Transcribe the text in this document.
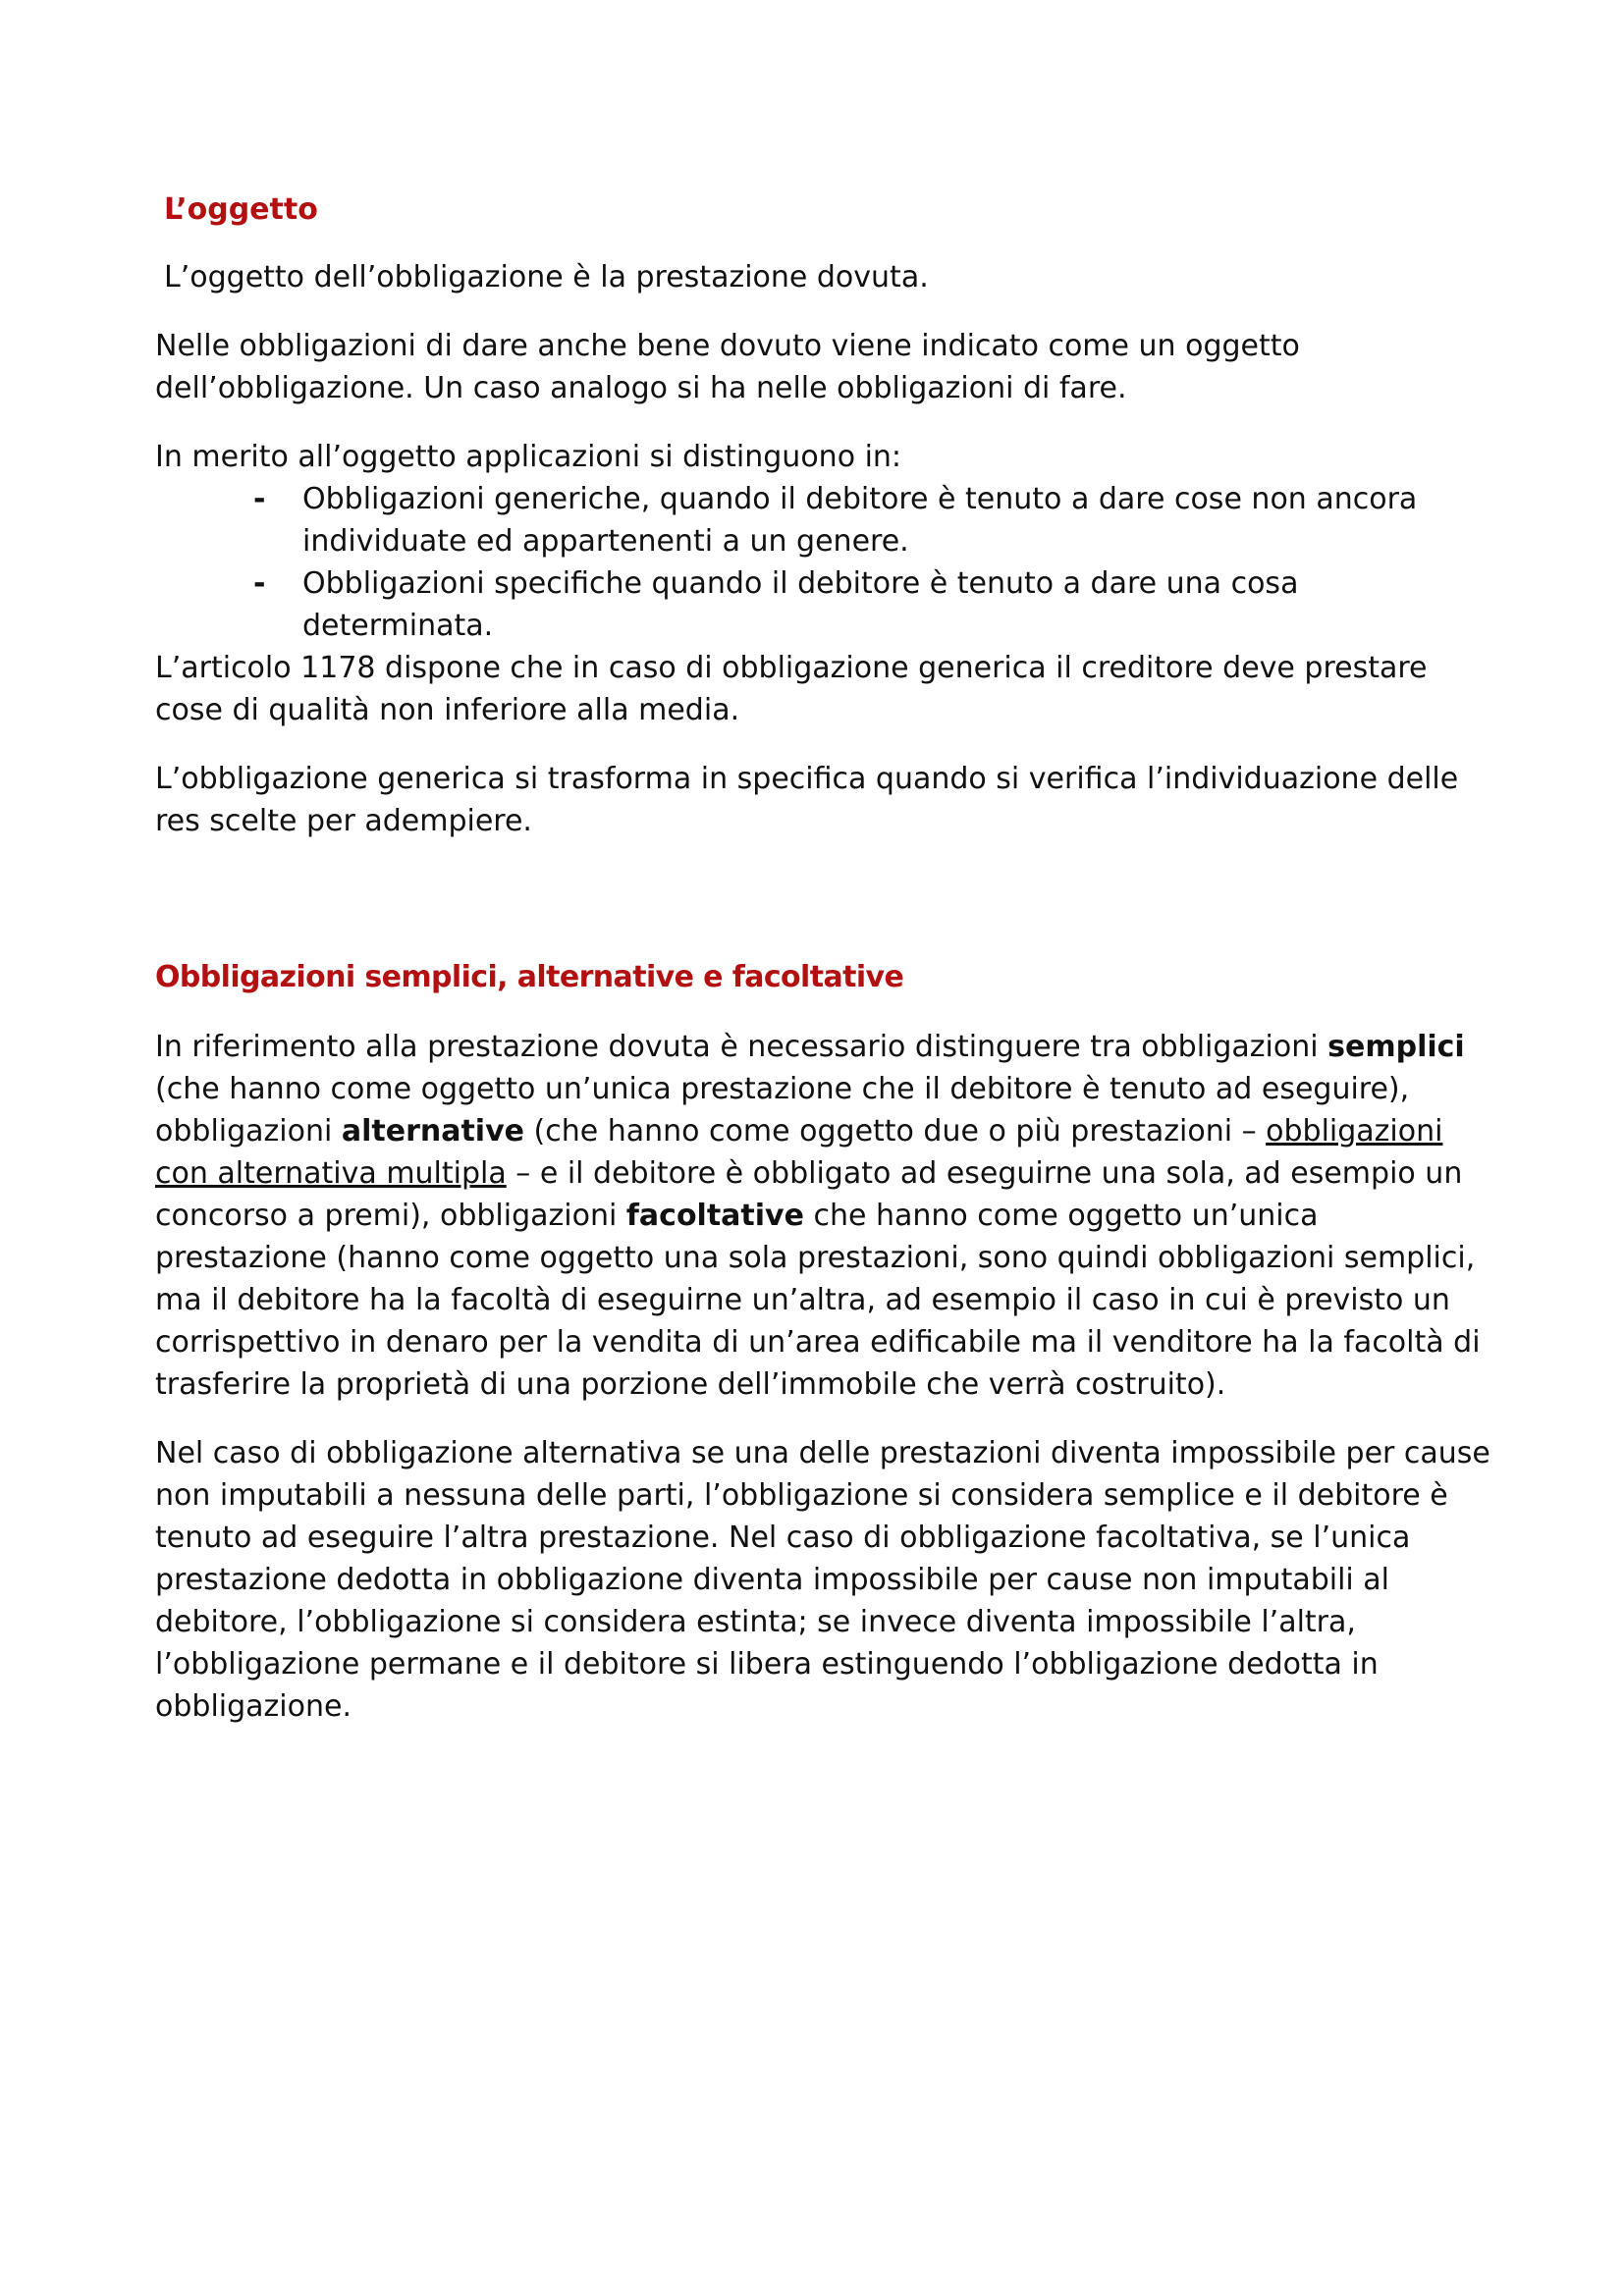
L’oggetto

L’oggetto dell’obbligazione è la prestazione dovuta.

Nelle obbligazioni di dare anche bene dovuto viene indicato come un oggetto dell’obbligazione. Un caso analogo si ha nelle obbligazioni di fare.

In merito all’oggetto applicazioni si distinguono in:

- Obbligazioni generiche, quando il debitore è tenuto a dare cose non ancora individuate ed appartenenti a un genere.
- Obbligazioni specifiche quando il debitore è tenuto a dare una cosa determinata.

L’articolo 1178 dispone che in caso di obbligazione generica il creditore deve prestare cose di qualità non inferiore alla media.

L’obbligazione generica si trasforma in specifica quando si verifica l’individuazione delle res scelte per adempiere.

Obbligazioni semplici, alternative e facoltative

In riferimento alla prestazione dovuta è necessario distinguere tra obbligazioni semplici (che hanno come oggetto un’unica prestazione che il debitore è tenuto ad eseguire), obbligazioni alternative (che hanno come oggetto due o più prestazioni – obbligazioni con alternativa multipla – e il debitore è obbligato ad eseguirne una sola, ad esempio un concorso a premi), obbligazioni facoltative che hanno come oggetto un’unica prestazione (hanno come oggetto una sola prestazioni, sono quindi obbligazioni semplici, ma il debitore ha la facoltà di eseguirne un’altra, ad esempio il caso in cui è previsto un corrispettivo in denaro per la vendita di un’area edificabile ma il venditore ha la facoltà di trasferire la proprietà di una porzione dell’immobile che verrà costruito).

Nel caso di obbligazione alternativa se una delle prestazioni diventa impossibile per cause non imputabili a nessuna delle parti, l’obbligazione si considera semplice e il debitore è tenuto ad eseguire l’altra prestazione. Nel caso di obbligazione facoltativa, se l’unica prestazione dedotta in obbligazione diventa impossibile per cause non imputabili al debitore, l’obbligazione si considera estinta; se invece diventa impossibile l’altra, l’obbligazione permane e il debitore si libera estinguendo l’obbligazione dedotta in obbligazione.
